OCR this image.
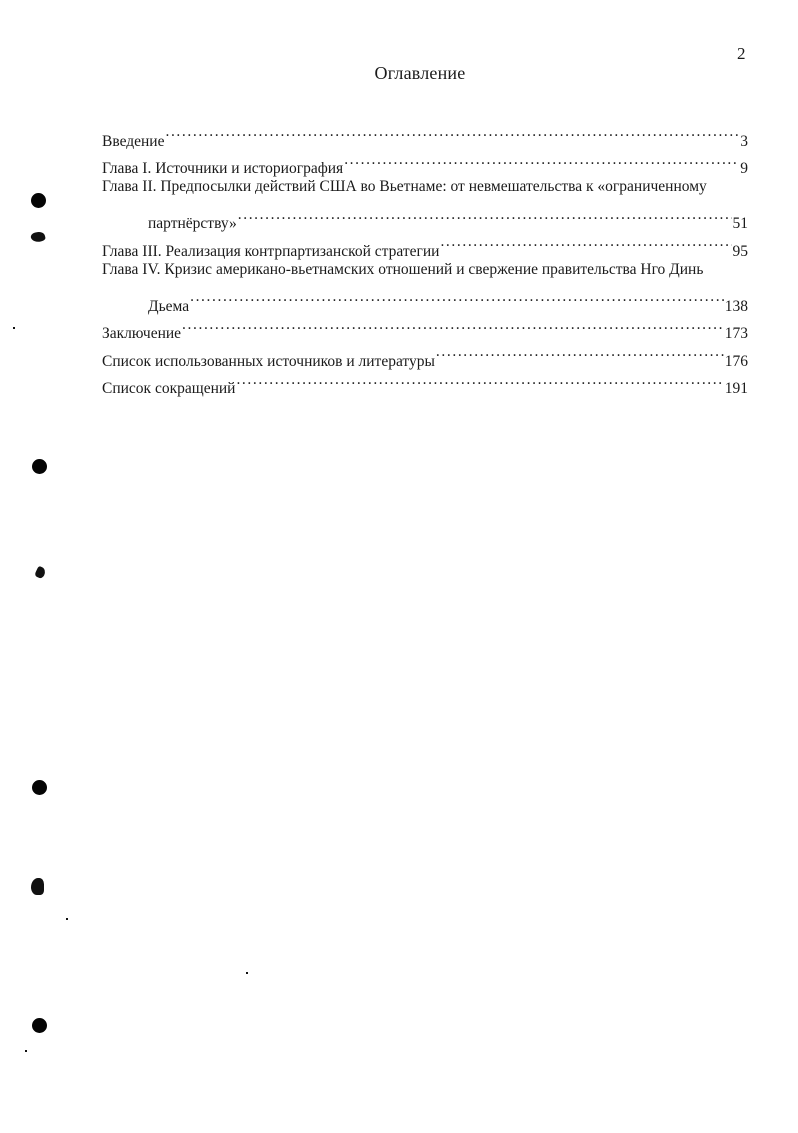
2
Оглавление
Введение .....	3
Глава I. Источники и историография .....	9
Глава II. Предпосылки действий США во Вьетнаме: от невмешательства к «ограниченному
партнёрству» .....	51
Глава III. Реализация контрпартизанской стратегии .....	95
Глава IV. Кризис американо-вьетнамских отношений и свержение правительства Нго Динь
Дьема .....	138
Заключение .....	173
Список использованных источников и литературы .....	176
Список сокращений .....	191
